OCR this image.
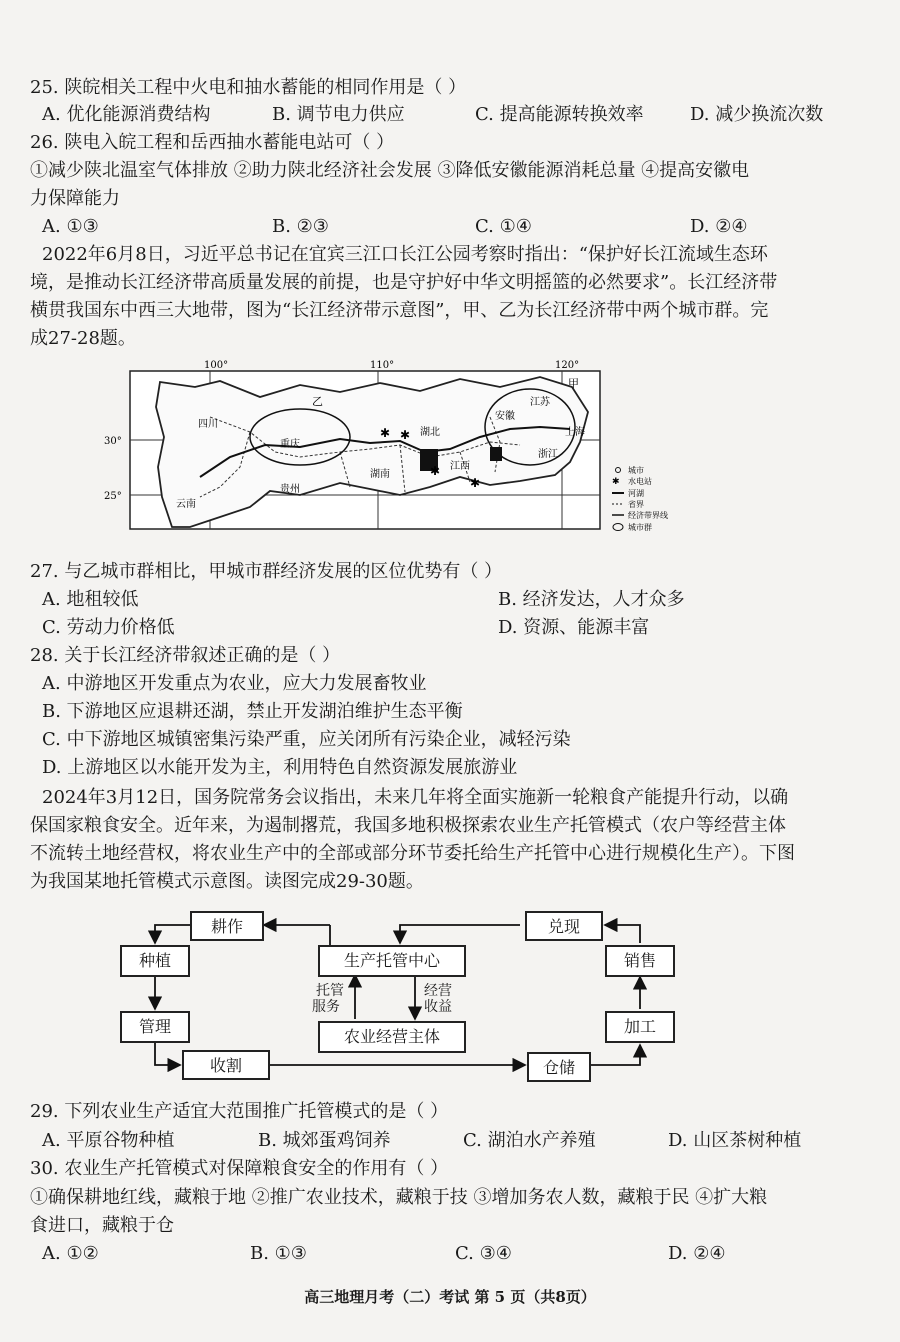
25. 陕皖相关工程中火电和抽水蓄能的相同作用是（ ）
A. 优化能源消费结构	B. 调节电力供应	C. 提高能源转换效率	D. 减少换流次数
26. 陕电入皖工程和岳西抽水蓄能电站可（ ）
①减少陕北温室气体排放 ②助力陕北经济社会发展 ③降低安徽能源消耗总量 ④提高安徽电
力保障能力
A. ①③	B. ②③	C. ①④	D. ②④
2022年6月8日，习近平总书记在宜宾三江口长江公园考察时指出：“保护好长江流域生态环
境，是推动长江经济带高质量发展的前提，也是守护好中华文明摇篮的必然要求”。长江经济带
横贯我国东中西三大地带，图为“长江经济带示意图”，甲、乙为长江经济带中两个城市群。完
成27-28题。
100°	110°	120°
30°
25°
✱ ✱
✱
✱
四川
重庆
云南
贵州
湖北
湖南
江西
安徽
江苏
浙江
上海
乙
甲
城市
✱ 水电站
河湖
省界
经济带界线
城市群
27. 与乙城市群相比，甲城市群经济发展的区位优势有（ ）
A. 地租较低	B. 经济发达，人才众多
C. 劳动力价格低	D. 资源、能源丰富
28. 关于长江经济带叙述正确的是（ ）
A. 中游地区开发重点为农业，应大力发展畜牧业
B. 下游地区应退耕还湖，禁止开发湖泊维护生态平衡
C. 中下游地区城镇密集污染严重，应关闭所有污染企业，减轻污染
D. 上游地区以水能开发为主，利用特色自然资源发展旅游业
2024年3月12日，国务院常务会议指出，未来几年将全面实施新一轮粮食产能提升行动，以确
保国家粮食安全。近年来，为遏制撂荒，我国多地积极探索农业生产托管模式（农户等经营主体
不流转土地经营权，将农业生产中的全部或部分环节委托给生产托管中心进行规模化生产）。下图
为我国某地托管模式示意图。读图完成29-30题。
耕作
种植
管理
收割
生产托管中心
农业经营主体
兑现
销售
加工
仓储
托管
服务
经营
收益
29. 下列农业生产适宜大范围推广托管模式的是（ ）
A. 平原谷物种植	B. 城郊蛋鸡饲养	C. 湖泊水产养殖	D. 山区茶树种植
30. 农业生产托管模式对保障粮食安全的作用有（ ）
①确保耕地红线，藏粮于地 ②推广农业技术，藏粮于技 ③增加务农人数，藏粮于民 ④扩大粮
食进口，藏粮于仓
A. ①②	B. ①③	C. ③④	D. ②④
高三地理月考（二）考试 第 5 页（共8页）
